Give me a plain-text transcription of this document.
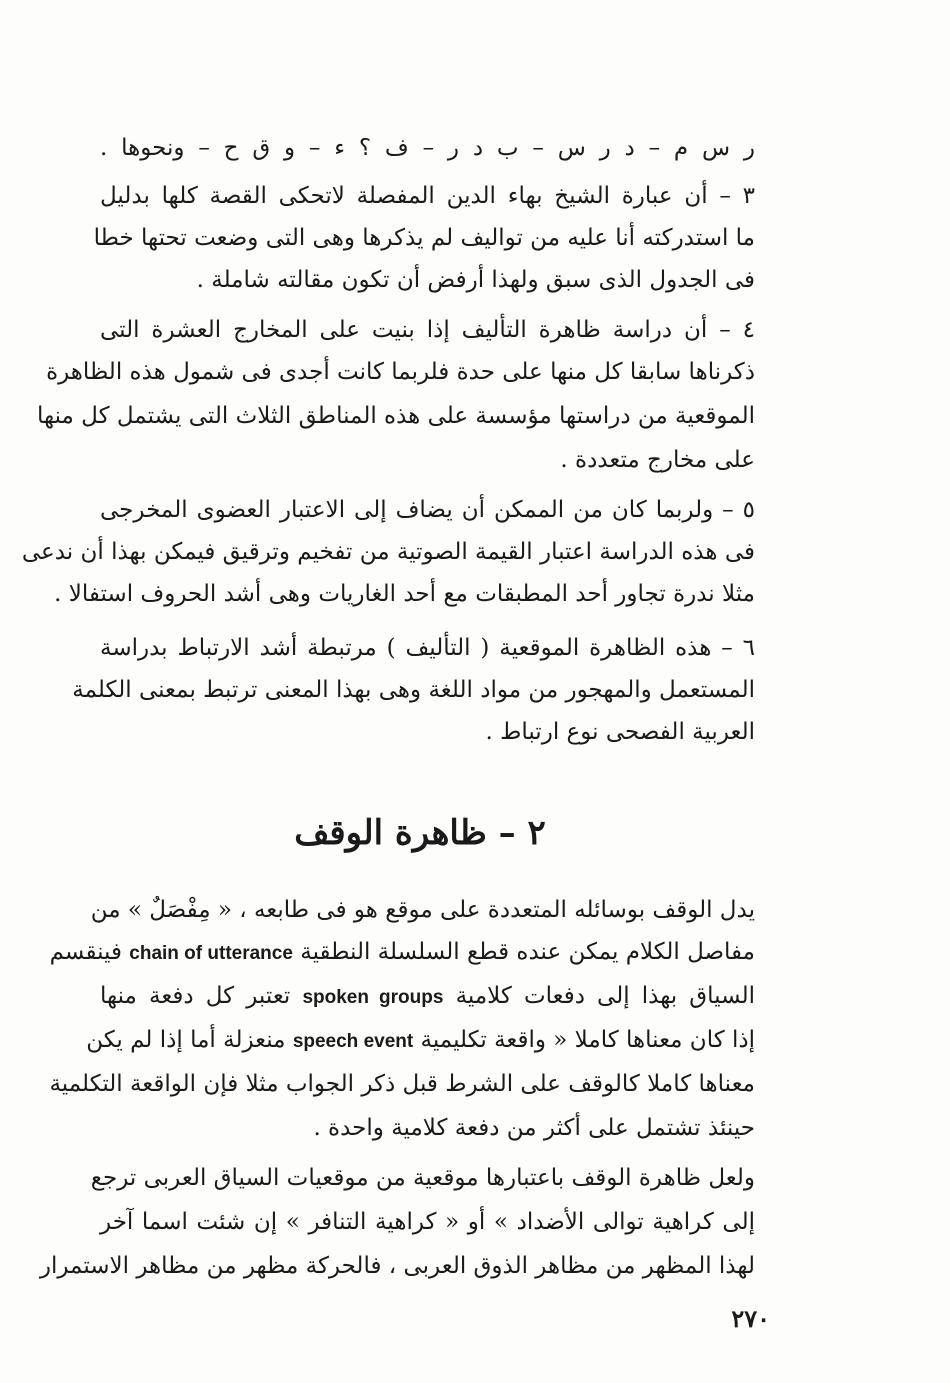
ر س م – د ر س – ب د ر – ف ؟ ء – و ق ح – ونحوها .
٣ – أن عبارة الشيخ بهاء الدين المفصلة لاتحكى القصة كلها بدليل
ما استدركته أنا عليه من تواليف لم يذكرها وهى التى وضعت تحتها خطا
فى الجدول الذى سبق ولهذا أرفض أن تكون مقالته شاملة .
٤ – أن دراسة ظاهرة التأليف إذا بنيت على المخارج العشرة التى
ذكرناها سابقا كل منها على حدة فلربما كانت أجدى فى شمول هذه الظاهرة
الموقعية من دراستها مؤسسة على هذه المناطق الثلاث التى يشتمل كل منها
على مخارج متعددة .
٥ – ولربما كان من الممكن أن يضاف إلى الاعتبار العضوى المخرجى
فى هذه الدراسة اعتبار القيمة الصوتية من تفخيم وترقيق فيمكن بهذا أن ندعى
مثلا ندرة تجاور أحد المطبقات مع أحد الغاريات وهى أشد الحروف استفالا .
٦ – هذه الظاهرة الموقعية ( التأليف ) مرتبطة أشد الارتباط بدراسة
المستعمل والمهجور من مواد اللغة وهى بهذا المعنى ترتبط بمعنى الكلمة
العربية الفصحى نوع ارتباط .
٢ – ظاهرة الوقف
يدل الوقف بوسائله المتعددة على موقع هو فى طابعه ، « مِفْصَلٌ » من
مفاصل الكلام يمكن عنده قطع السلسلة النطقية chain of utterance فينقسم
السياق بهذا إلى دفعات كلامية spoken groups تعتبر كل دفعة منها
إذا كان معناها كاملا « واقعة تكليمية speech event منعزلة أما إذا لم يكن
معناها كاملا كالوقف على الشرط قبل ذكر الجواب مثلا فإن الواقعة التكلمية
حينئذ تشتمل على أكثر من دفعة كلامية واحدة .
ولعل ظاهرة الوقف باعتبارها موقعية من موقعيات السياق العربى ترجع
إلى كراهية توالى الأضداد » أو « كراهية التنافر » إن شئت اسما آخر
لهذا المظهر من مظاهر الذوق العربى ، فالحركة مظهر من مظاهر الاستمرار
٢٧٠
